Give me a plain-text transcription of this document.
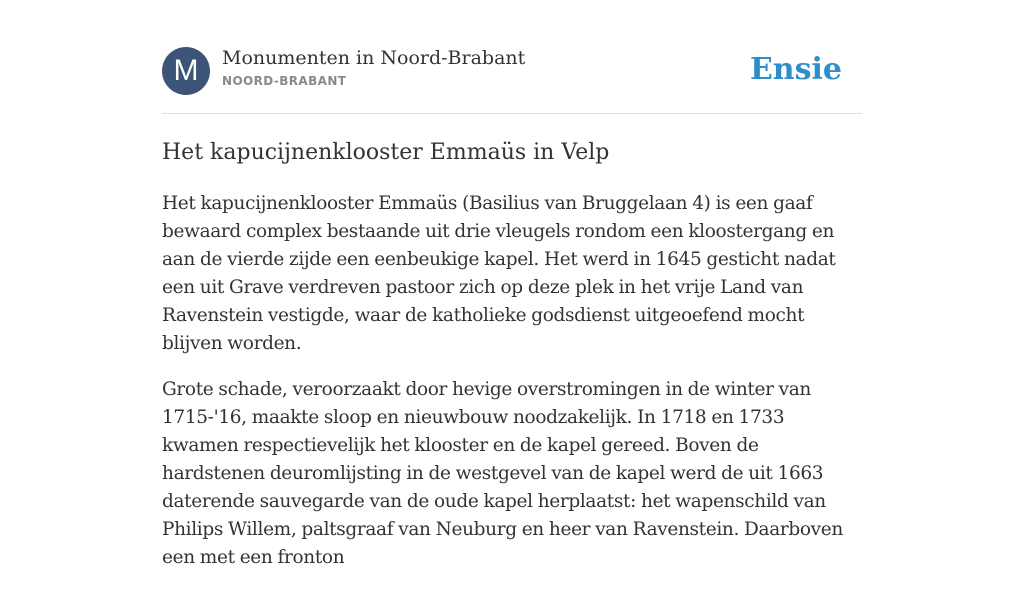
M	Monumenten in Noord-Brabant
NOORD-BRABANT	Ensie
Het kapucijnenklooster Emmaüs in Velp

Het kapucijnenklooster Emmaüs (Basilius van Bruggelaan 4) is een gaaf bewaard complex bestaande uit drie vleugels rondom een kloostergang en aan de vierde zijde een eenbeukige kapel. Het werd in 1645 gesticht nadat een uit Grave verdreven pastoor zich op deze plek in het vrije Land van Ravenstein vestigde, waar de katholieke godsdienst uitgeoefend mocht blijven worden.

Grote schade, veroorzaakt door hevige overstromingen in de winter van 1715-'16, maakte sloop en nieuwbouw noodzakelijk. In 1718 en 1733 kwamen respectievelijk het klooster en de kapel gereed. Boven de hardstenen deuromlijsting in de westgevel van de kapel werd de uit 1663 daterende sauvegarde van de oude kapel herplaatst: het wapenschild van Philips Willem, paltsgraaf van Neuburg en heer van Ravenstein. Daarboven een met een fronton
